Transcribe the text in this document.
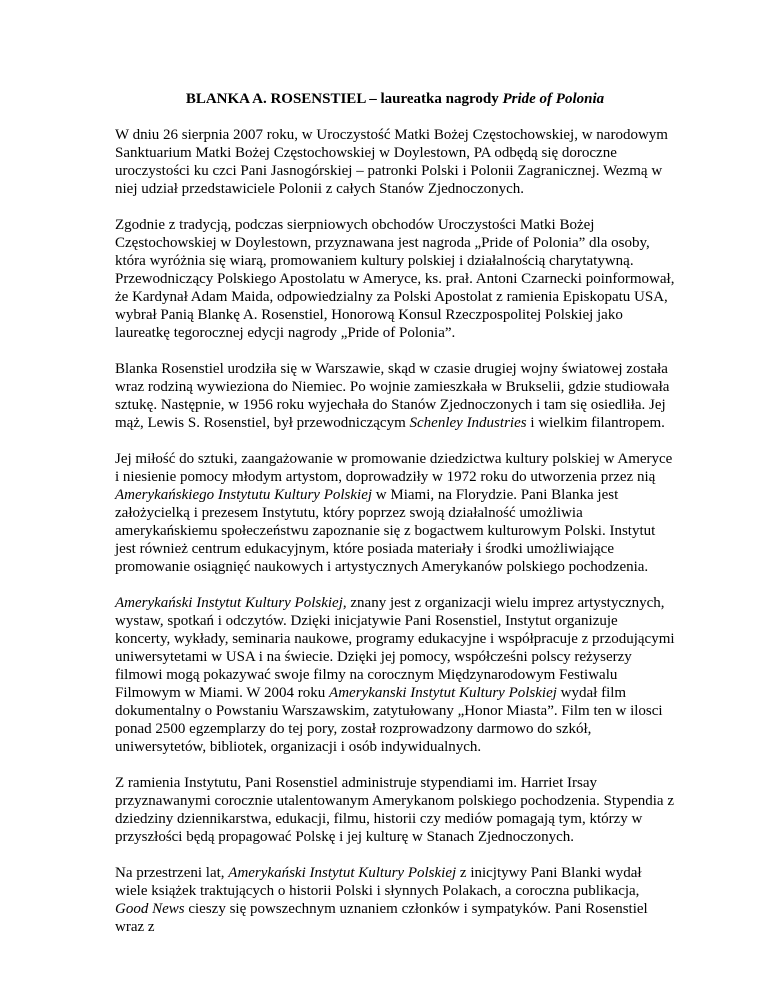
BLANKA A. ROSENSTIEL – laureatka nagrody Pride of Polonia

W dniu 26 sierpnia 2007 roku, w Uroczystość Matki Bożej Częstochowskiej, w narodowym Sanktuarium Matki Bożej Częstochowskiej w Doylestown, PA odbędą się doroczne uroczystości ku czci Pani Jasnogórskiej – patronki Polski i Polonii Zagranicznej. Wezmą w niej udział przedstawiciele Polonii z całych Stanów Zjednoczonych.

Zgodnie z tradycją, podczas sierpniowych obchodów Uroczystości Matki Bożej Częstochowskiej w Doylestown, przyznawana jest nagroda „Pride of Polonia” dla osoby, która wyróżnia się wiarą, promowaniem kultury polskiej i działalnością charytatywną. Przewodniczący Polskiego Apostolatu w Ameryce, ks. prał. Antoni Czarnecki poinformował, że Kardynał Adam Maida, odpowiedzialny za Polski Apostolat z ramienia Episkopatu USA, wybrał Panią Blankę A. Rosenstiel, Honorową Konsul Rzeczpospolitej Polskiej jako laureatkę tegorocznej edycji nagrody „Pride of Polonia”.

Blanka Rosenstiel urodziła się w Warszawie, skąd w czasie drugiej wojny światowej została wraz rodziną wywieziona do Niemiec. Po wojnie zamieszkała w Brukselii, gdzie studiowała sztukę. Następnie, w 1956 roku wyjechała do Stanów Zjednoczonych i tam się osiedliła. Jej mąż, Lewis S. Rosenstiel, był przewodniczącym Schenley Industries i wielkim filantropem.

Jej miłość do sztuki, zaangażowanie w promowanie dziedzictwa kultury polskiej w Ameryce i niesienie pomocy młodym artystom, doprowadziły w 1972 roku do utworzenia przez nią Amerykańskiego Instytutu Kultury Polskiej w Miami, na Florydzie. Pani Blanka jest założycielką i prezesem Instytutu, który poprzez swoją działalność umożliwia amerykańskiemu społeczeństwu zapoznanie się z bogactwem kulturowym Polski. Instytut jest również centrum edukacyjnym, które posiada materiały i środki umożliwiające promowanie osiągnięć naukowych i artystycznych Amerykanów polskiego pochodzenia.

Amerykański Instytut Kultury Polskiej, znany jest z organizacji wielu imprez artystycznych, wystaw, spotkań i odczytów. Dzięki inicjatywie Pani Rosenstiel, Instytut organizuje koncerty, wykłady, seminaria naukowe, programy edukacyjne i współpracuje z przodującymi uniwersytetami w USA i na świecie. Dzięki jej pomocy, współcześni polscy reżyserzy filmowi mogą pokazywać swoje filmy na corocznym Międzynarodowym Festiwalu Filmowym w Miami. W 2004 roku Amerykanski Instytut Kultury Polskiej wydał film dokumentalny o Powstaniu Warszawskim, zatytułowany „Honor Miasta”. Film ten w ilosci ponad 2500 egzemplarzy do tej pory, został rozprowadzony darmowo do szkół, uniwersytetów, bibliotek, organizacji i osób indywidualnych.

Z ramienia Instytutu, Pani Rosenstiel administruje stypendiami im. Harriet Irsay przyznawanymi corocznie utalentowanym Amerykanom polskiego pochodzenia. Stypendia z dziedziny dziennikarstwa, edukacji, filmu, historii czy mediów pomagają tym, którzy w przyszłości będą propagować Polskę i jej kulturę w Stanach Zjednoczonych.

Na przestrzeni lat, Amerykański Instytut Kultury Polskiej z inicjtywy Pani Blanki wydał wiele książek traktujących o historii Polski i słynnych Polakach, a coroczna publikacja, Good News cieszy się powszechnym uznaniem członków i sympatyków. Pani Rosenstiel wraz z
